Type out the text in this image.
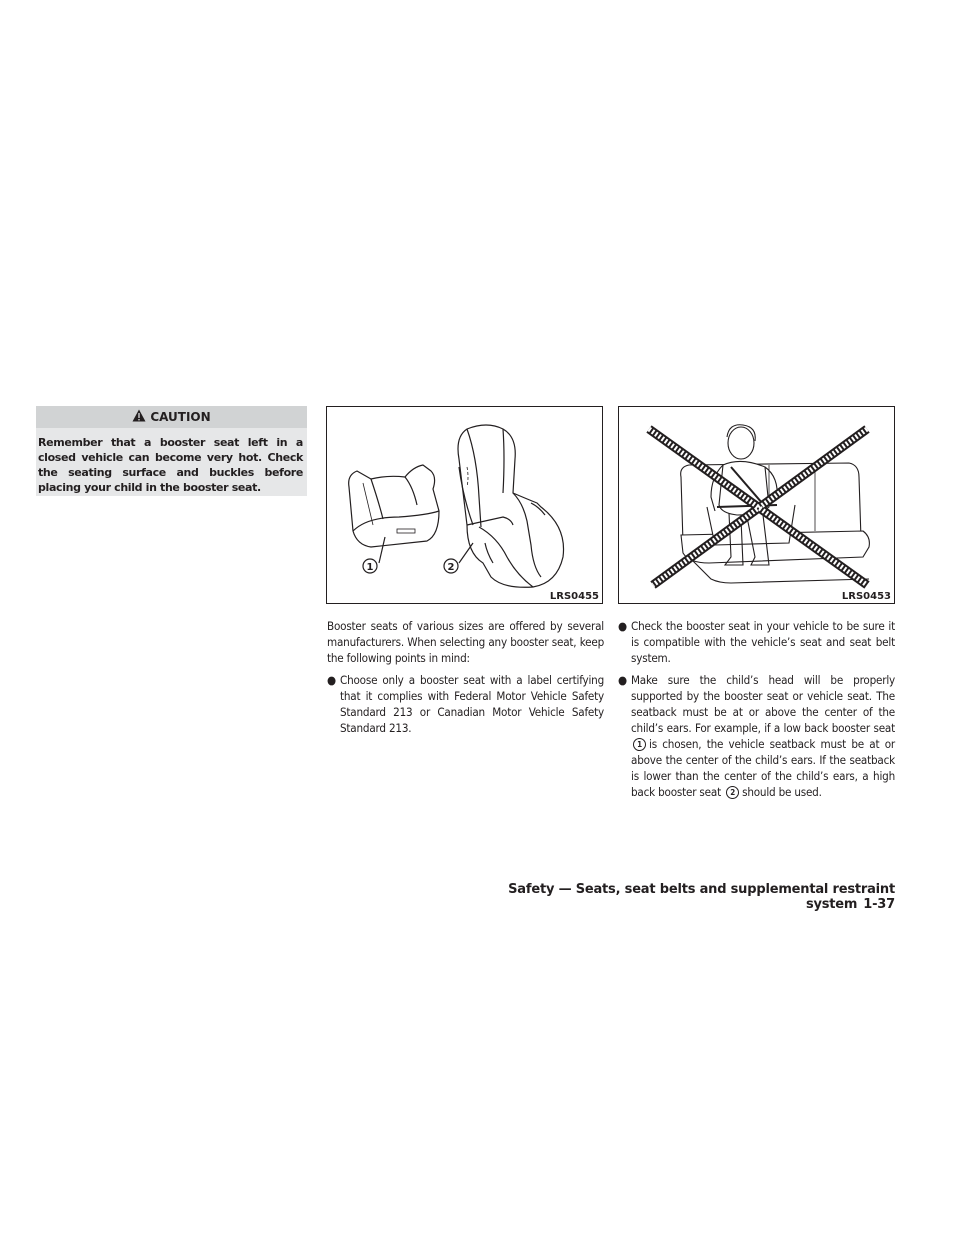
CAUTION
Remember that a booster seat left in a closed vehicle can become very hot. Check the seating surface and buckles before placing your child in the booster seat.
1	2
LRS0455	LRS0453

Booster seats of various sizes are offered by several manufacturers. When selecting any booster seat, keep the following points in mind:

● Choose only a booster seat with a label certifying that it complies with Federal Motor Vehicle Safety Standard 213 or Canadian Motor Vehicle Safety Standard 213.
● Check the booster seat in your vehicle to be sure it is compatible with the vehicle’s seat and seat belt system.
● Make sure the child’s head will be properly supported by the booster seat or vehicle seat. The seatback must be at or above the center of the child’s ears. For example, if a low back booster seat 1 is chosen, the vehicle seatback must be at or above the center of the child’s ears. If the seatback is lower than the center of the child’s ears, a high back booster seat 2 should be used.
Safety — Seats, seat belts and supplemental restraint system 1-37
